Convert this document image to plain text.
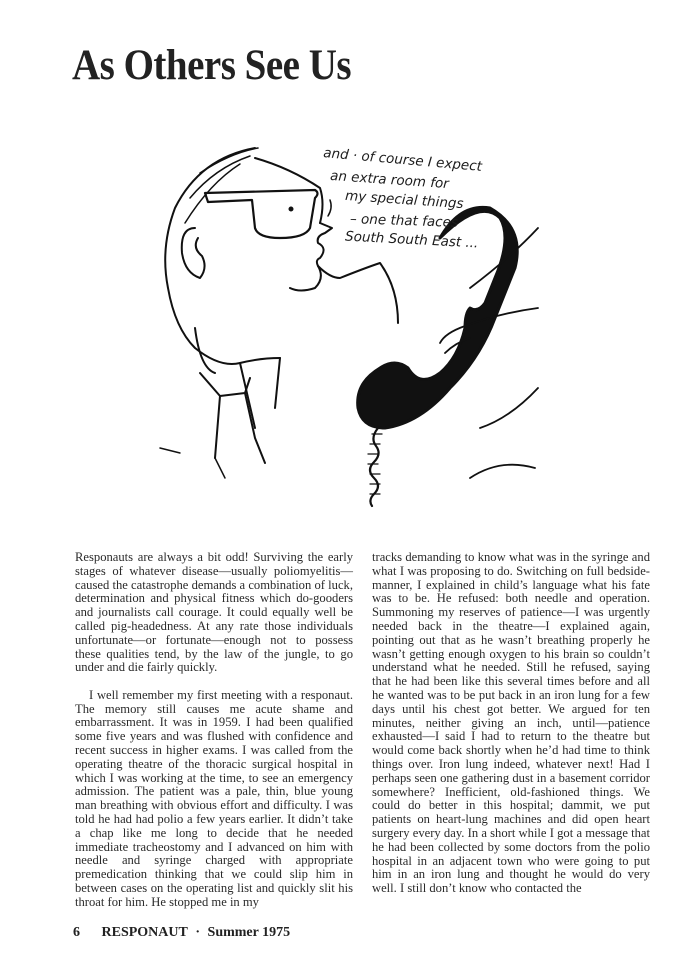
As Others See Us
and · of course I expect
an extra room for
my special things
– one that faces
South South East ...

Responauts are always a bit odd! Surviving the early stages of whatever disease—usually poliomyelitis—caused the catastrophe demands a combination of luck, determination and physical fitness which do-gooders and journalists call courage. It could equally well be called pig-headedness. At any rate those individuals unfortunate—or fortunate—enough not to possess these qualities tend, by the law of the jungle, to go under and die fairly quickly.

I well remember my first meeting with a responaut. The memory still causes me acute shame and embarrassment. It was in 1959. I had been qualified some five years and was flushed with confidence and recent success in higher exams. I was called from the operating theatre of the thoracic surgical hospital in which I was working at the time, to see an emergency admission. The patient was a pale, thin, blue young man breathing with obvious effort and difficulty. I was told he had had polio a few years earlier. It didn’t take a chap like me long to decide that he needed immediate tracheostomy and I advanced on him with needle and syringe charged with appropriate premedication thinking that we could slip him in between cases on the operating list and quickly slit his throat for him. He stopped me in my

tracks demanding to know what was in the syringe and what I was proposing to do. Switching on full bedside-manner, I explained in child’s language what his fate was to be. He refused: both needle and operation. Summoning my reserves of patience—I was urgently needed back in the theatre—I explained again, pointing out that as he wasn’t breathing properly he wasn’t getting enough oxygen to his brain so couldn’t understand what he needed. Still he refused, saying that he had been like this several times before and all he wanted was to be put back in an iron lung for a few days until his chest got better. We argued for ten minutes, neither giving an inch, until—patience exhausted—I said I had to return to the theatre but would come back shortly when he’d had time to think things over. Iron lung indeed, whatever next! Had I perhaps seen one gathering dust in a basement corridor somewhere? Inefficient, old-fashioned things. We could do better in this hospital; dammit, we put patients on heart-lung machines and did open heart surgery every day. In a short while I got a message that he had been collected by some doctors from the polio hospital in an adjacent town who were going to put him in an iron lung and thought he would do very well. I still don’t know who contacted the

6 RESPONAUT · Summer 1975
